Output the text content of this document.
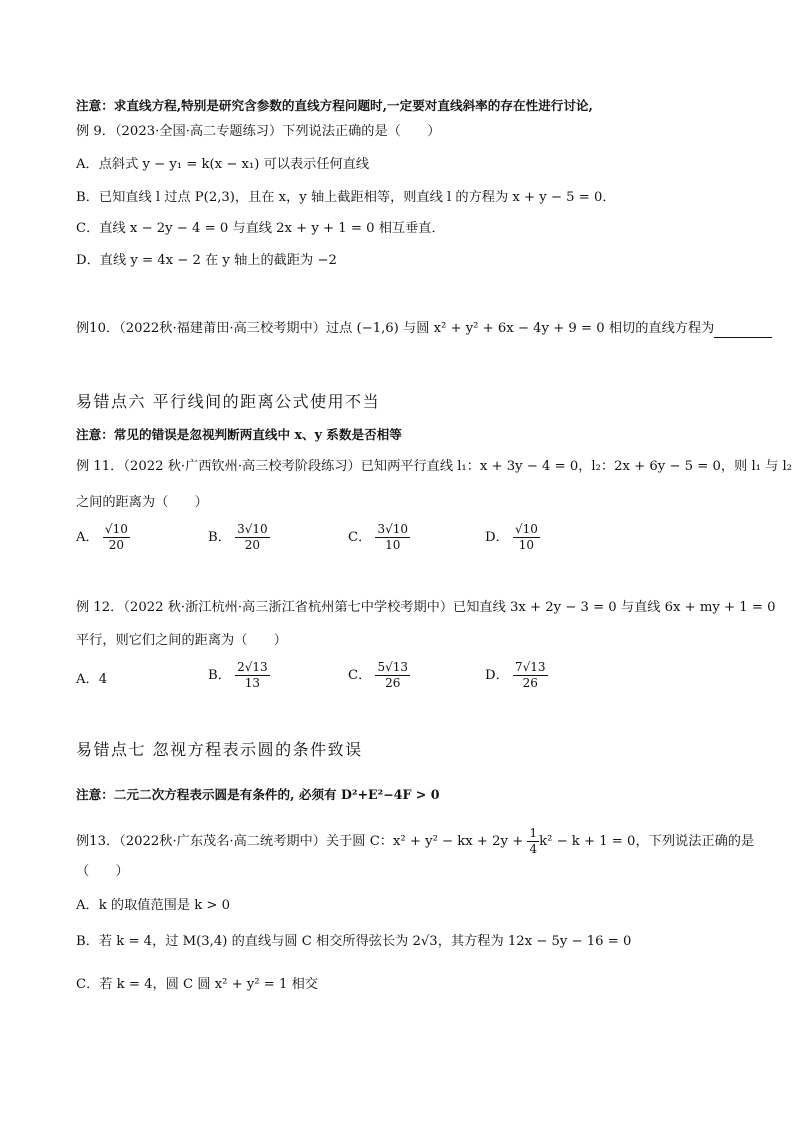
注意：求直线方程,特别是研究含参数的直线方程问题时,一定要对直线斜率的存在性进行讨论,
例 9．（2023·全国·高二专题练习）下列说法正确的是（　　）
A．点斜式 y − y₁ = k(x − x₁) 可以表示任何直线
B．已知直线 l 过点 P(2,3)，且在 x，y 轴上截距相等，则直线 l 的方程为 x + y − 5 = 0．
C．直线 x − 2y − 4 = 0 与直线 2x + y + 1 = 0 相互垂直．
D．直线 y = 4x − 2 在 y 轴上的截距为 −2
例10．（2022秋·福建莆田·高三校考期中）过点 (−1,6) 与圆 x² + y² + 6x − 4y + 9 = 0 相切的直线方程为
易错点六 平行线间的距离公式使用不当
注意：常见的错误是忽视判断两直线中 x、y 系数是否相等
例 11．（2022 秋·广西钦州·高三校考阶段练习）已知两平行直线 l₁：x + 3y − 4 = 0，l₂：2x + 6y − 5 = 0，则 l₁ 与 l₂
之间的距离为（　　）
A． $\frac{√10}{20}$	B． $\frac{3√10}{20}$	C． $\frac{3√10}{10}$	D． $\frac{√10}{10}$
例 12．（2022 秋·浙江杭州·高三浙江省杭州第七中学校考期中）已知直线 3x + 2y − 3 = 0 与直线 6x + my + 1 = 0
平行，则它们之间的距离为（　　）
A．4	B． $\frac{2√13}{13}$	C． $\frac{5√13}{26}$	D． $\frac{7√13}{26}$
易错点七 忽视方程表示圆的条件致误
注意：二元二次方程表示圆是有条件的, 必须有 D²+E²−4F > 0
例13．（2022秋·广东茂名·高二统考期中）关于圆 C：x² + y² − kx + $2y + \frac{1}{4} k^2 - k + 1 = 0$，下列说法正确的是
（　　）
A．k 的取值范围是 k > 0
B．若 k = 4，过 M(3,4) 的直线与圆 C 相交所得弦长为 2√3，其方程为 12x − 5y − 16 = 0
C．若 k = 4，圆 C 圆 x² + y² = 1 相交
